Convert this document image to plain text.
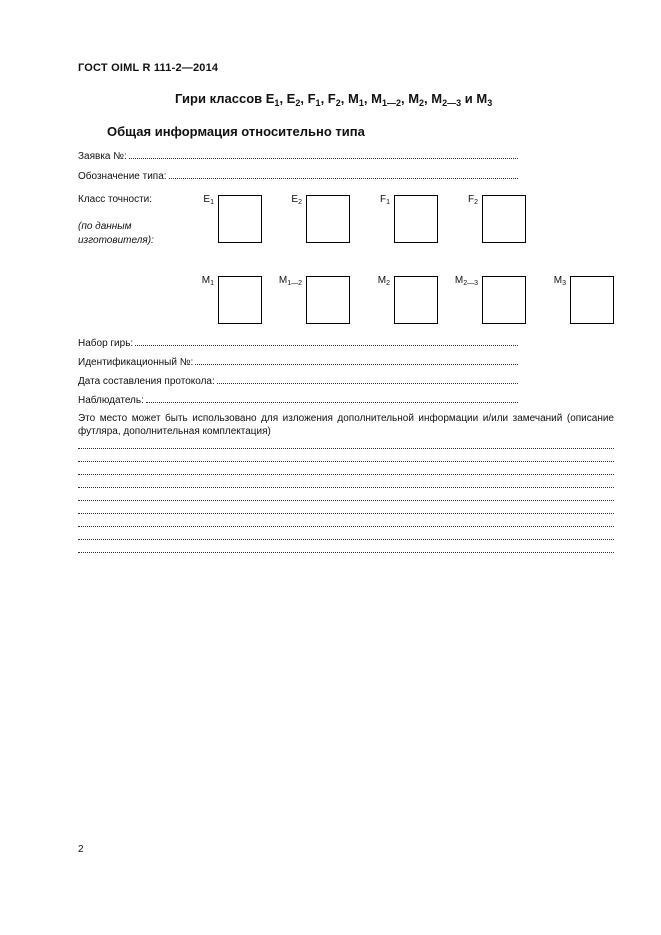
ГОСТ OIML R 111-2—2014
Гири классов $E_1$, $E_2$, $F_1$, $F_2$, $M_1$, $M_{1—2}$, $M_2$, $M_{2—3}$ и $M_3$
Общая информация относительно типа
Заявка №:
Обозначение типа:
Класс точности:
(по данным
изготовителя):
$E_1$	$E_2$	$F_1$	$F_2$
$M_1$	$M_{1—2}$	$M_2$	$M_{2—3}$	$M_3$
Набор гирь:
Идентификационный №:
Дата составления протокола:
Наблюдатель:
Это место может быть использовано для изложения дополнительной информации и/или замечаний (описание футляра, дополнительная комплектация)
2
